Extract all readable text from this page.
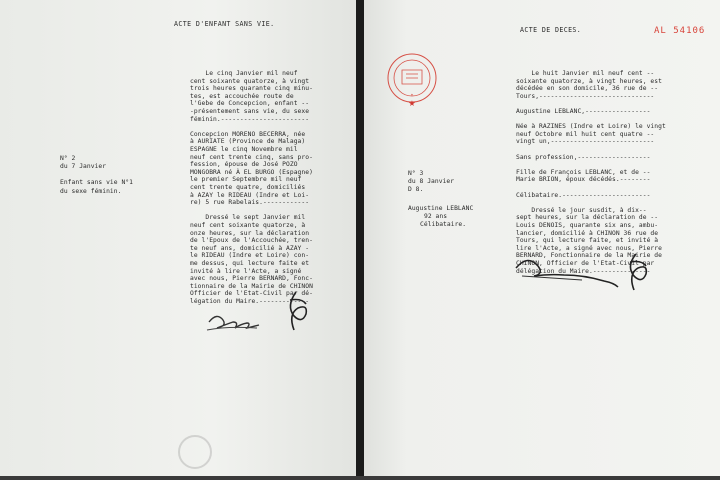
ACTE D'ENFANT SANS VIE.
N° 2
du 7 Janvier
Enfant sans vie N°1
du sexe féminin.
Le cinq Janvier mil neuf
cent soixante quatorze, à vingt
trois heures quarante cinq minu-
tes, est accouchée route de
l'Gebe de Concepcion, enfant --
-présentement sans vie, du sexe
féminin.-----------------------
Concepcion MORENO BECERRA, née
à AURIATE (Province de Malaga)
ESPAGNE le cinq Novembre mil
neuf cent trente cinq, sans pro-
fession, épouse de José POZO
MONGOBRA né À EL BURGO (Espagne)
le premier Septembre mil neuf
cent trente quatre, domiciliés
à AZAY le RIDEAU (Indre et Loi-
re) 5 rue Rabelais.------------
Dressé le sept Janvier mil
neuf cent soixante quatorze, à
onze heures, sur la déclaration
de l'Epoux de l'Accouchée, tren-
te neuf ans, domicilié à AZAY -
le RIDEAU (Indre et Loire) con-
me dessus, qui lecture faite et
invité à lire l'Acte, a signé
avec nous, Pierre BERNARD, Fonc-
tionnaire de la Mairie de CHINON
Officier de l'Etat-Civil par dé-
légation du Maire.-------------
ACTE DE DECES.	AL 54106
✦
★
N° 3
du 8 Janvier
D 8.
Augustine LEBLANC
92 ans
Célibataire.
Le huit Janvier mil neuf cent --
soixante quatorze, à vingt heures, est
décédée en son domicile, 36 rue de --
Tours,------------------------------
Augustine LEBLANC,-----------------
Née à RAZINES (Indre et Loire) le vingt
neuf Octobre mil huit cent quatre --
vingt un,---------------------------
Sans profession,-------------------
Fille de François LEBLANC, et de --
Marie BRION, époux décédés.--------
Célibataire.-----------------------
Dressé le jour susdit, à dix--
sept heures, sur la déclaration de --
Louis DENOIS, quarante six ans, ambu-
lancier, domicilié à CHINON 36 rue de
Tours, qui lecture faite, et invité à
lire l'Acte, a signé avec nous, Pierre
BERNARD, Fonctionnaire de la Mairie de
CHINON, Officier de l'Etat-Civil par
délégation du Maire.---------------
